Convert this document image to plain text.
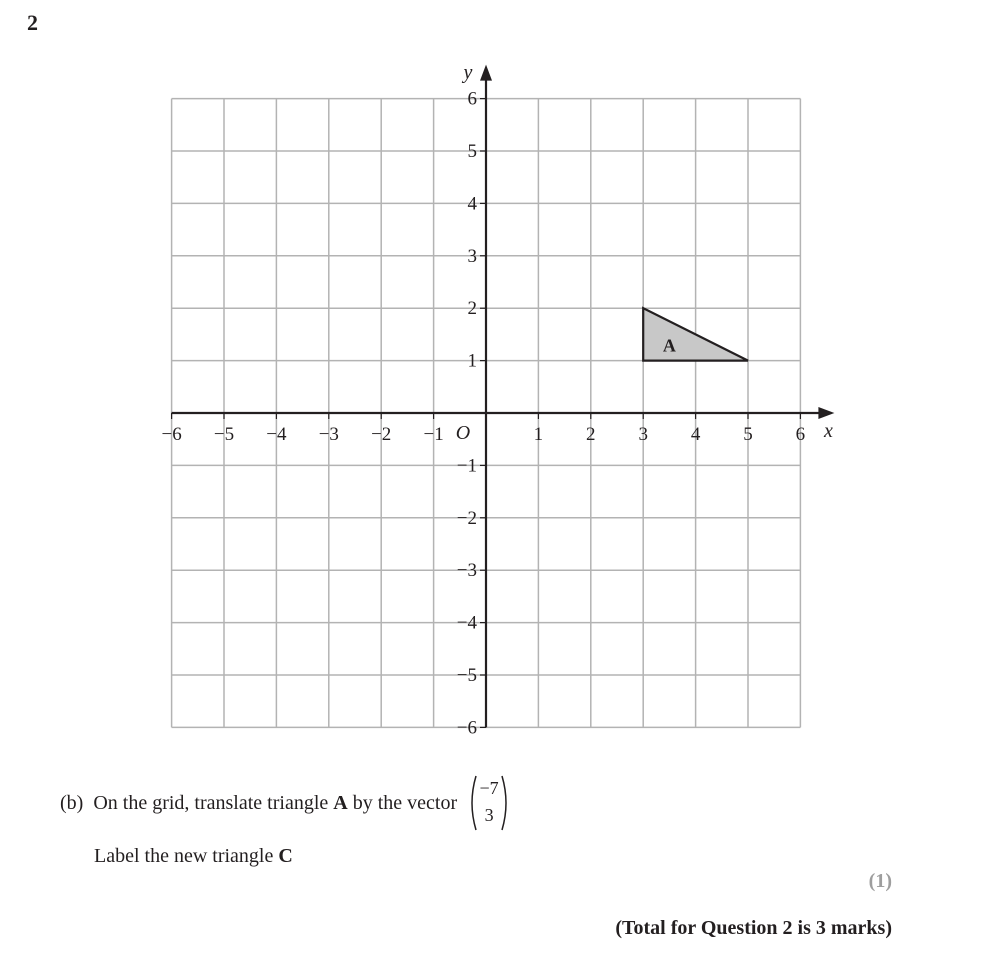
2
−6 −5 −4 −3 −2 −1	1 2 3 4 5 6
6
5
4
3
2
1
−1
−2
−3
−4
−5
−6
O	x
y
A
(b) On the grid, translate triangle A by the vector
−7
3
Label the new triangle C
(1)
(Total for Question 2 is 3 marks)
